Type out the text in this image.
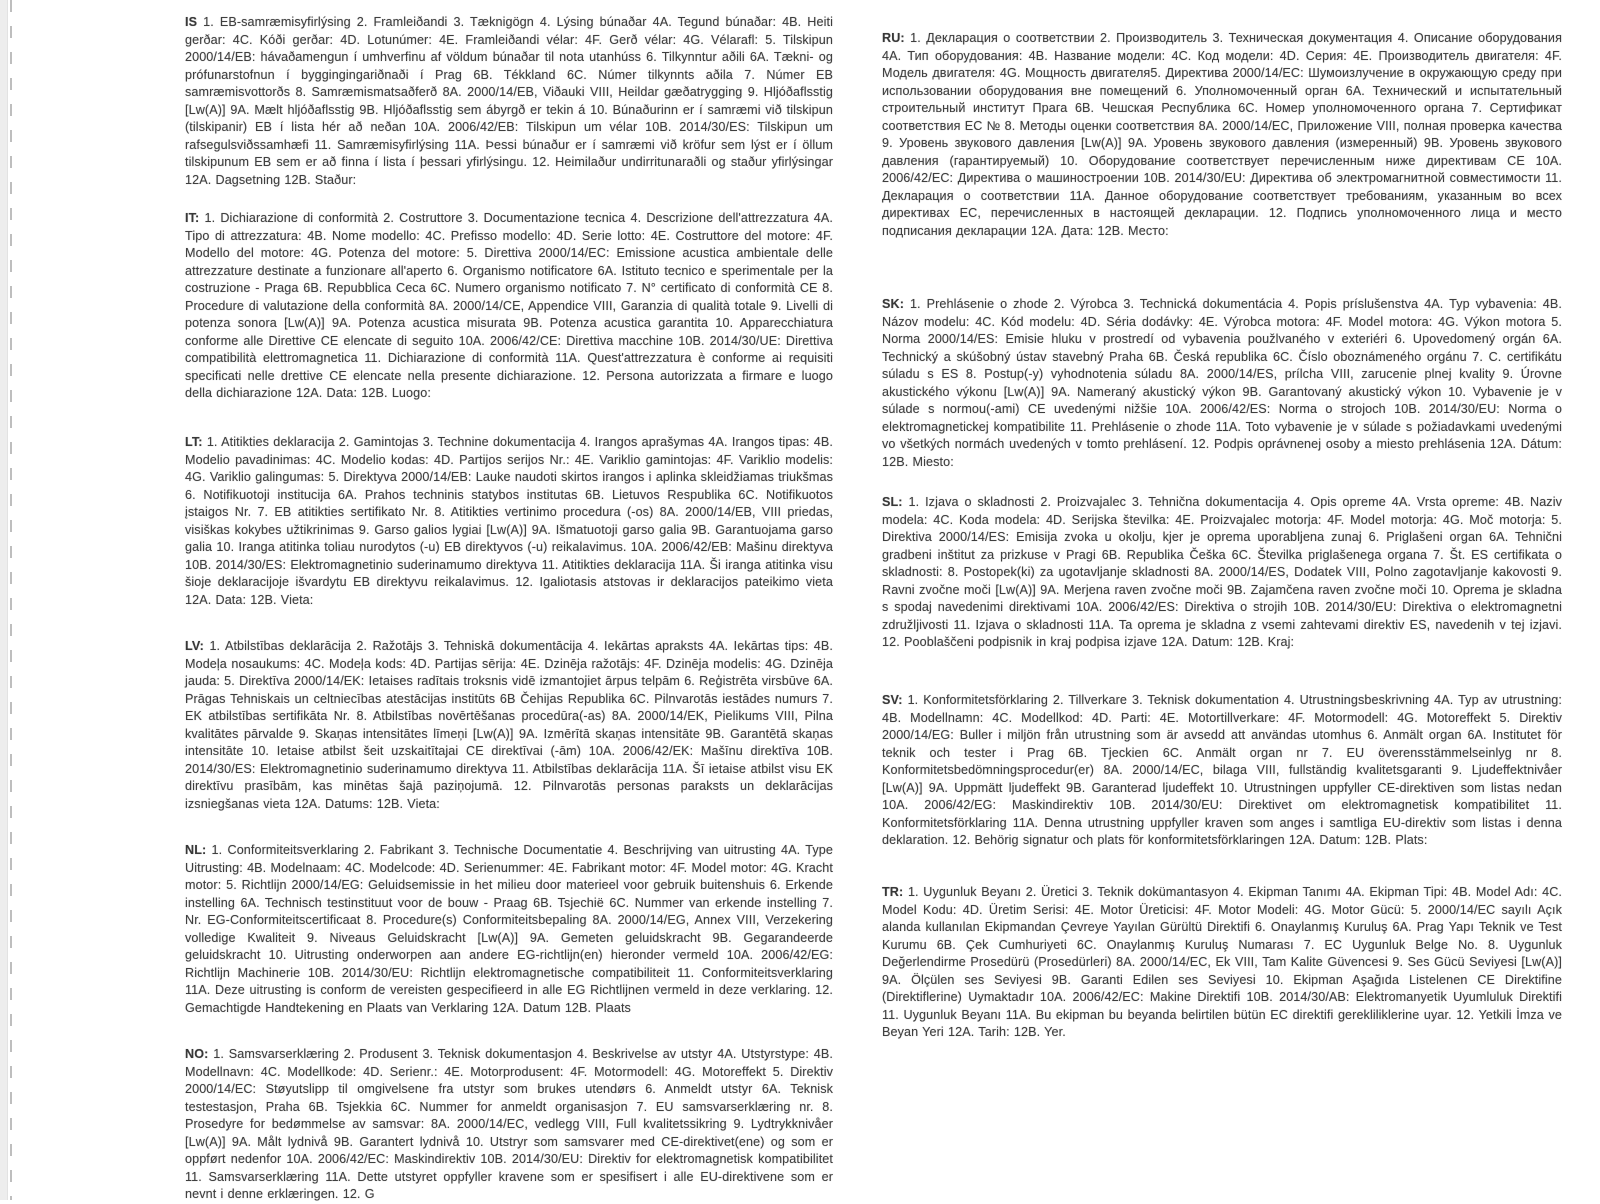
IS 1. EB-samræmisyfirlýsing 2. Framleiðandi 3. Tæknigögn 4. Lýsing búnaðar 4A. Tegund búnaðar: 4B. Heiti gerðar: 4C. Kóði gerðar: 4D. Lotunúmer: 4E. Framleiðandi vélar: 4F. Gerð vélar: 4G. Vélarafl: 5. Tilskipun 2000/14/EB: hávaðamengun í umhverfinu af völdum búnaðar til nota utanhúss 6. Tilkynntur aðili 6A. Tækni- og prófunarstofnun í byggingingariðnaði í Prag 6B. Tékkland 6C. Númer tilkynnts aðila 7. Númer EB samræmisvottorðs 8. Samræmismatsaðferð 8A. 2000/14/EB, Viðauki VIII, Heildar gæðatrygging 9. Hljóðaflsstig [Lw(A)] 9A. Mælt hljóðaflsstig 9B. Hljóðaflsstig sem ábyrgð er tekin á 10. Búnaðurinn er í samræmi við tilskipun (tilskipanir) EB í lista hér að neðan 10A. 2006/42/EB: Tilskipun um vélar 10B. 2014/30/ES: Tilskipun um rafsegulsviðssamhæfi 11. Samræmisyfirlýsing 11A. Þessi búnaður er í samræmi við kröfur sem lýst er í öllum tilskipunum EB sem er að finna í lista í þessari yfirlýsingu. 12. Heimilaður undirritunaraðli og staður yfirlýsingar 12A. Dagsetning 12B. Staður:

IT: 1. Dichiarazione di conformità 2. Costruttore 3. Documentazione tecnica 4. Descrizione dell'attrezzatura 4A. Tipo di attrezzatura: 4B. Nome modello: 4C. Prefisso modello: 4D. Serie lotto: 4E. Costruttore del motore: 4F. Modello del motore: 4G. Potenza del motore: 5. Direttiva 2000/14/EC: Emissione acustica ambientale delle attrezzature destinate a funzionare all'aperto 6. Organismo notificatore 6A. Istituto tecnico e sperimentale per la costruzione - Praga 6B. Repubblica Ceca 6C. Numero organismo notificato 7. N° certificato di conformità CE 8. Procedure di valutazione della conformità 8A. 2000/14/CE, Appendice VIII, Garanzia di qualità totale 9. Livelli di potenza sonora [Lw(A)] 9A. Potenza acustica misurata 9B. Potenza acustica garantita 10. Apparecchiatura conforme alle Direttive CE elencate di seguito 10A. 2006/42/CE: Direttiva macchine 10B. 2014/30/UE: Direttiva compatibilità elettromagnetica 11. Dichiarazione di conformità 11A. Quest'attrezzatura è conforme ai requisiti specificati nelle drettive CE elencate nella presente dichiarazione. 12. Persona autorizzata a firmare e luogo della dichiarazione 12A. Data: 12B. Luogo:

LT: 1. Atitikties deklaracija 2. Gamintojas 3. Technine dokumentacija 4. Irangos aprašymas 4A. Irangos tipas: 4B. Modelio pavadinimas: 4C. Modelio kodas: 4D. Partijos serijos Nr.: 4E. Variklio gamintojas: 4F. Variklio modelis: 4G. Variklio galingumas: 5. Direktyva 2000/14/EB: Lauke naudoti skirtos irangos i aplinka skleidžiamas triukšmas 6. Notifikuotoji institucija 6A. Prahos techninis statybos institutas 6B. Lietuvos Respublika 6C. Notifikuotos įstaigos Nr. 7. EB atitikties sertifikato Nr. 8. Atitikties vertinimo procedura (-os) 8A. 2000/14/EB, VIII priedas, visiškas kokybes užtikrinimas 9. Garso galios lygiai [Lw(A)] 9A. Išmatuotoji garso galia 9B. Garantuojama garso galia 10. Iranga atitinka toliau nurodytos (-u) EB direktyvos (-u) reikalavimus. 10A. 2006/42/EB: Mašinu direktyva 10B. 2014/30/ES: Elektromagnetinio suderinamumo direktyva 11. Atitikties deklaracija 11A. Ši iranga atitinka visu šioje deklaracijoje išvardytu EB direktyvu reikalavimus. 12. Igaliotasis atstovas ir deklaracijos pateikimo vieta 12A. Data: 12B. Vieta:

LV: 1. Atbilstības deklarācija 2. Ražotājs 3. Tehniskā dokumentācija 4. Iekārtas apraksts 4A. Iekārtas tips: 4B. Modeļa nosaukums: 4C. Modeļa kods: 4D. Partijas sērija: 4E. Dzinēja ražotājs: 4F. Dzinēja modelis: 4G. Dzinēja jauda: 5. Direktīva 2000/14/EK: Ietaises radītais troksnis vidē izmantojiet ārpus telpām 6. Reģistrēta virsbūve 6A. Prāgas Tehniskais un celtniecības atestācijas institūts 6B Čehijas Republika 6C. Pilnvarotās iestādes numurs 7. EK atbilstības sertifikāta Nr. 8. Atbilstības novērtēšanas procedūra(-as) 8A. 2000/14/EK, Pielikums VIII, Pilna kvalitātes pārvalde 9. Skaņas intensitātes līmeņi [Lw(A)] 9A. Izmērītā skaņas intensitāte 9B. Garantētā skaņas intensitāte 10. Ietaise atbilst šeit uzskaitītajai CE direktīvai (-ām) 10A. 2006/42/EK: Mašīnu direktīva 10B. 2014/30/ES: Elektromagnetinio suderinamumo direktyva 11. Atbilstības deklarācija 11A. Šī ietaise atbilst visu EK direktīvu prasībām, kas minētas šajā paziņojumā. 12. Pilnvarotās personas paraksts un deklarācijas izsniegšanas vieta 12A. Datums: 12B. Vieta:

NL: 1. Conformiteitsverklaring 2. Fabrikant 3. Technische Documentatie 4. Beschrijving van uitrusting 4A. Type Uitrusting: 4B. Modelnaam: 4C. Modelcode: 4D. Serienummer: 4E. Fabrikant motor: 4F. Model motor: 4G. Kracht motor: 5. Richtlijn 2000/14/EG: Geluidsemissie in het milieu door materieel voor gebruik buitenshuis 6. Erkende instelling 6A. Technisch testinstituut voor de bouw - Praag 6B. Tsjechië 6C. Nummer van erkende instelling 7. Nr. EG-Conformiteitscertificaat 8. Procedure(s) Conformiteitsbepaling 8A. 2000/14/EG, Annex VIII, Verzekering volledige Kwaliteit 9. Niveaus Geluidskracht [Lw(A)] 9A. Gemeten geluidskracht 9B. Gegarandeerde geluidskracht 10. Uitrusting onderworpen aan andere EG-richtlijn(en) hieronder vermeld 10A. 2006/42/EG: Richtlijn Machinerie 10B. 2014/30/EU: Richtlijn elektromagnetische compatibiliteit 11. Conformiteitsverklaring 11A. Deze uitrusting is conform de vereisten gespecifieerd in alle EG Richtlijnen vermeld in deze verklaring. 12. Gemachtigde Handtekening en Plaats van Verklaring 12A. Datum 12B. Plaats

NO: 1. Samsvarserklæring 2. Produsent 3. Teknisk dokumentasjon 4. Beskrivelse av utstyr 4A. Utstyrstype: 4B. Modellnavn: 4C. Modellkode: 4D. Serienr.: 4E. Motorprodusent: 4F. Motormodell: 4G. Motoreffekt 5. Direktiv 2000/14/EC: Støyutslipp til omgivelsene fra utstyr som brukes utendørs 6. Anmeldt utstyr 6A. Teknisk testestasjon, Praha 6B. Tsjekkia 6C. Nummer for anmeldt organisasjon 7. EU samsvarserklæring nr. 8. Prosedyre for bedømmelse av samsvar: 8A. 2000/14/EC, vedlegg VIII, Full kvalitetssikring 9. Lydtrykknivåer [Lw(A)] 9A. Målt lydnivå 9B. Garantert lydnivå 10. Utstryr som samsvarer med CE-direktivet(ene) og som er oppført nedenfor 10A. 2006/42/EC: Maskindirektiv 10B. 2014/30/EU: Direktiv for elektromagnetisk kompatibilitet 11. Samsvarserklæring 11A. Dette utstyret oppfyller kravene som er spesifisert i alle EU-direktivene som er nevnt i denne erklæringen. 12. G

RU: 1. Декларация о соответствии 2. Производитель 3. Техническая документация 4. Описание оборудования 4A. Тип оборудования: 4B. Название модели: 4C. Код модели: 4D. Серия: 4E. Производитель двигателя: 4F. Модель двигателя: 4G. Мощность двигателя5. Директива 2000/14/EC: Шумоизлучение в окружающую среду при использовании оборудования вне помещений 6. Уполномоченный орган 6A. Технический и испытательный строительный институт Прага 6B. Чешская Республика 6C. Номер уполномоченного органа 7. Сертификат соответствия EC № 8. Методы оценки соответствия 8A. 2000/14/EC, Приложение VIII, полная проверка качества 9. Уровень звукового давления [Lw(A)] 9A. Уровень звукового давления (измеренный) 9B. Уровень звукового давления (гарантируемый) 10. Оборудование соответствует перечисленным ниже директивам CE 10A. 2006/42/EC: Директива о машиностроении 10B. 2014/30/EU: Директива об электромагнитной совместимости 11. Декларация о соответствии 11A. Данное оборудование соответствует требованиям, указанным во всех директивах EC, перечисленных в настоящей декларации. 12. Подпись уполномоченного лица и место подписания декларации 12A. Дата: 12B. Место:

SK: 1. Prehlásenie o zhode 2. Výrobca 3. Technická dokumentácia 4. Popis príslušenstva 4A. Typ vybavenia: 4B. Názov modelu: 4C. Kód modelu: 4D. Séria dodávky: 4E. Výrobca motora: 4F. Model motora: 4G. Výkon motora 5. Norma 2000/14/ES: Emisie hluku v prostredí od vybavenia použlvaného v exteriéri 6. Upovedomený orgán 6A. Technický a skúšobný ústav stavebný Praha 6B. Česká republika 6C. Číslo oboznámeného orgánu 7. C. certifikátu súladu s ES 8. Postup(-y) vyhodnotenia súladu 8A. 2000/14/ES, prílcha VIII, zarucenie plnej kvality 9. Úrovne akustického výkonu [Lw(A)] 9A. Nameraný akustický výkon 9B. Garantovaný akustický výkon 10. Vybavenie je v súlade s normou(-ami) CE uvedenými nižšie 10A. 2006/42/ES: Norma o strojoch 10B. 2014/30/EU: Norma o elektromagnetickej kompatibilite 11. Prehlásenie o zhode 11A. Toto vybavenie je v súlade s požiadavkami uvedenými vo všetkých normách uvedených v tomto prehlásení. 12. Podpis oprávnenej osoby a miesto prehlásenia 12A. Dátum: 12B. Miesto:

SL: 1. Izjava o skladnosti 2. Proizvajalec 3. Tehnična dokumentacija 4. Opis opreme 4A. Vrsta opreme: 4B. Naziv modela: 4C. Koda modela: 4D. Serijska številka: 4E. Proizvajalec motorja: 4F. Model motorja: 4G. Moč motorja: 5. Direktiva 2000/14/ES: Emisija zvoka u okolju, kjer je oprema uporabljena zunaj 6. Priglašeni organ 6A. Tehnični gradbeni inštitut za prizkuse v Pragi 6B. Republika Češka 6C. Številka priglašenega organa 7. Št. ES certifikata o skladnosti: 8. Postopek(ki) za ugotavljanje skladnosti 8A. 2000/14/ES, Dodatek VIII, Polno zagotavljanje kakovosti 9. Ravni zvočne moči [Lw(A)] 9A. Merjena raven zvočne moči 9B. Zajamčena raven zvočne moči 10. Oprema je skladna s spodaj navedenimi direktivami 10A. 2006/42/ES: Direktiva o strojih 10B. 2014/30/EU: Direktiva o elektromagnetni združljivosti 11. Izjava o skladnosti 11A. Ta oprema je skladna z vsemi zahtevami direktiv ES, navedenih v tej izjavi. 12. Pooblaščeni podpisnik in kraj podpisa izjave 12A. Datum: 12B. Kraj:

SV: 1. Konformitetsförklaring 2. Tillverkare 3. Teknisk dokumentation 4. Utrustningsbeskrivning 4A. Typ av utrustning: 4B. Modellnamn: 4C. Modellkod: 4D. Parti: 4E. Motortillverkare: 4F. Motormodell: 4G. Motoreffekt 5. Direktiv 2000/14/EG: Buller i miljön från utrustning som är avsedd att användas utomhus 6. Anmält organ 6A. Institutet för teknik och tester i Prag 6B. Tjeckien 6C. Anmält organ nr 7. EU överensstämmelseinlyg nr 8. Konformitetsbedömningsprocedur(er) 8A. 2000/14/EC, bilaga VIII, fullständig kvalitetsgaranti 9. Ljudeffektnivåer [Lw(A)] 9A. Uppmätt ljudeffekt 9B. Garanterad ljudeffekt 10. Utrustningen uppfyller CE-direktiven som listas nedan 10A. 2006/42/EG: Maskindirektiv 10B. 2014/30/EU: Direktivet om elektromagnetisk kompatibilitet 11. Konformitetsförklaring 11A. Denna utrustning uppfyller kraven som anges i samtliga EU-direktiv som listas i denna deklaration. 12. Behörig signatur och plats för konformitetsförklaringen 12A. Datum: 12B. Plats:

TR: 1. Uygunluk Beyanı 2. Üretici 3. Teknik dokümantasyon 4. Ekipman Tanımı 4A. Ekipman Tipi: 4B. Model Adı: 4C. Model Kodu: 4D. Üretim Serisi: 4E. Motor Üreticisi: 4F. Motor Modeli: 4G. Motor Gücü: 5. 2000/14/EC sayılı Açık alanda kullanılan Ekipmandan Çevreye Yayılan Gürültü Direktifi 6. Onaylanmış Kuruluş 6A. Prag Yapı Teknik ve Test Kurumu 6B. Çek Cumhuriyeti 6C. Onaylanmış Kuruluş Numarası 7. EC Uygunluk Belge No. 8. Uygunluk Değerlendirme Prosedürü (Prosedürleri) 8A. 2000/14/EC, Ek VIII, Tam Kalite Güvencesi 9. Ses Gücü Seviyesi [Lw(A)] 9A. Ölçülen ses Seviyesi 9B. Garanti Edilen ses Seviyesi 10. Ekipman Aşağıda Listelenen CE Direktifine (Direktiflerine) Uymaktadır 10A. 2006/42/EC: Makine Direktifi 10B. 2014/30/AB: Elektromanyetik Uyumluluk Direktifi 11. Uygunluk Beyanı 11A. Bu ekipman bu beyanda belirtilen bütün EC direktifi gerekliliklerine uyar. 12. Yetkili İmza ve Beyan Yeri 12A. Tarih: 12B. Yer.
